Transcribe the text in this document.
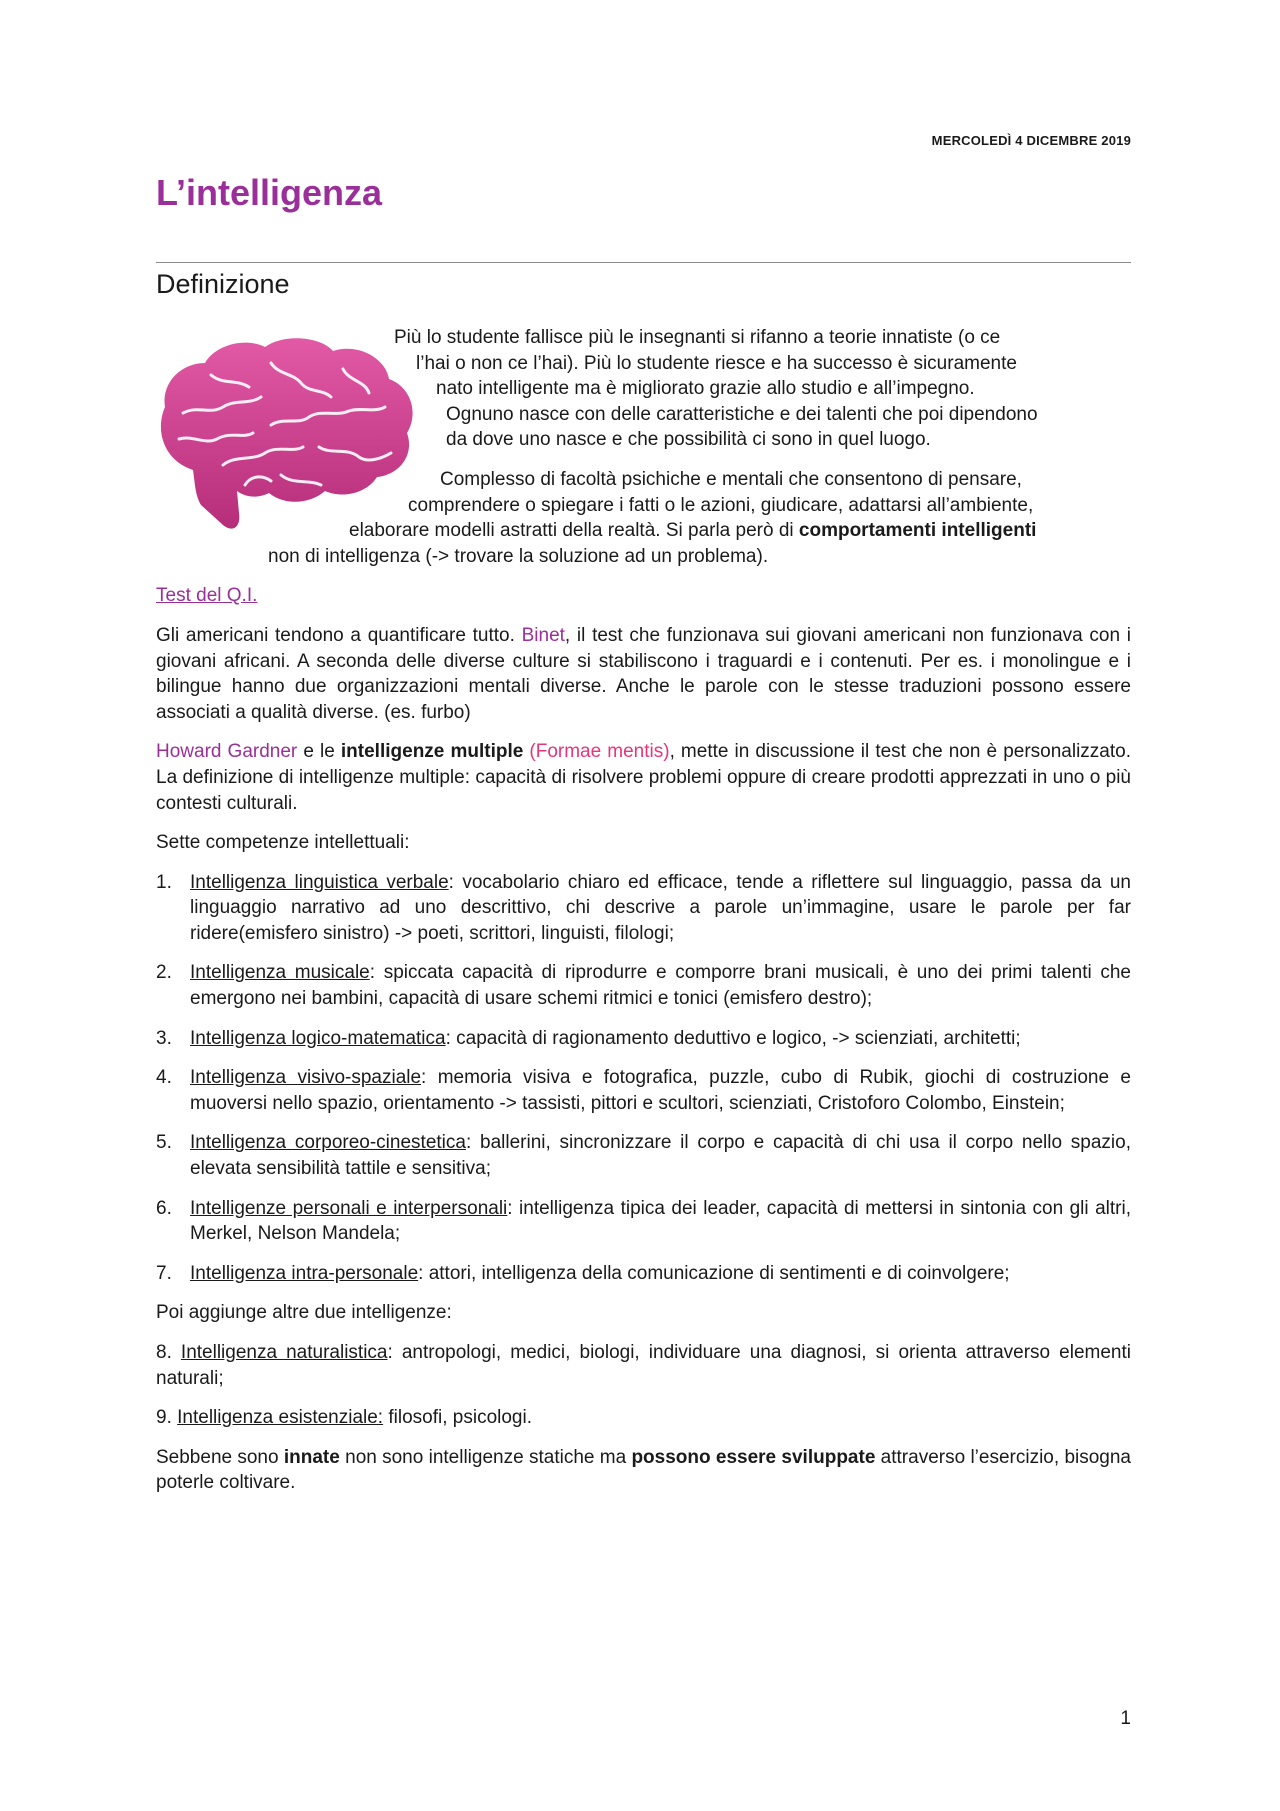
MERCOLEDÌ 4 DICEMBRE 2019
L’intelligenza
Definizione

Più lo studente fallisce più le insegnanti si rifanno a teorie innatiste (o ce

l’hai o non ce l’hai). Più lo studente riesce e ha successo è sicuramente

nato intelligente ma è migliorato grazie allo studio e all’impegno.

Ognuno nasce con delle caratteristiche e dei talenti che poi dipendono

da dove uno nasce e che possibilità ci sono in quel luogo.

Complesso di facoltà psichiche e mentali che consentono di pensare,

comprendere o spiegare i fatti o le azioni, giudicare, adattarsi all’ambiente,

elaborare modelli astratti della realtà. Si parla però di comportamenti intelligenti

non di intelligenza (-> trovare la soluzione ad un problema).

Test del Q.I.

Gli americani tendono a quantificare tutto. Binet, il test che funzionava sui giovani americani non funzionava con i giovani africani. A seconda delle diverse culture si stabiliscono i traguardi e i contenuti. Per es. i monolingue e i bilingue hanno due organizzazioni mentali diverse. Anche le parole con le stesse traduzioni possono essere associati a qualità diverse. (es. furbo)

Howard Gardner e le intelligenze multiple (Formae mentis), mette in discussione il test che non è personalizzato. La definizione di intelligenze multiple: capacità di risolvere problemi oppure di creare prodotti apprezzati in uno o più contesti culturali.

Sette competenze intellettuali:

1. Intelligenza linguistica verbale: vocabolario chiaro ed efficace, tende a riflettere sul linguaggio, passa da un linguaggio narrativo ad uno descrittivo, chi descrive a parole un’immagine, usare le parole per far ridere(emisfero sinistro) -> poeti, scrittori, linguisti, filologi;
2. Intelligenza musicale: spiccata capacità di riprodurre e comporre brani musicali, è uno dei primi talenti che emergono nei bambini, capacità di usare schemi ritmici e tonici (emisfero destro);
3. Intelligenza logico-matematica: capacità di ragionamento deduttivo e logico, -> scienziati, architetti;
4. Intelligenza visivo-spaziale: memoria visiva e fotografica, puzzle, cubo di Rubik, giochi di costruzione e muoversi nello spazio, orientamento -> tassisti, pittori e scultori, scienziati, Cristoforo Colombo, Einstein;
5. Intelligenza corporeo-cinestetica: ballerini, sincronizzare il corpo e capacità di chi usa il corpo nello spazio, elevata sensibilità tattile e sensitiva;
6. Intelligenze personali e interpersonali: intelligenza tipica dei leader, capacità di mettersi in sintonia con gli altri, Merkel, Nelson Mandela;
7. Intelligenza intra-personale: attori, intelligenza della comunicazione di sentimenti e di coinvolgere;

Poi aggiunge altre due intelligenze:

8. Intelligenza naturalistica: antropologi, medici, biologi, individuare una diagnosi, si orienta attraverso elementi naturali;

9. Intelligenza esistenziale: filosofi, psicologi.

Sebbene sono innate non sono intelligenze statiche ma possono essere sviluppate attraverso l’esercizio, bisogna poterle coltivare.

1
